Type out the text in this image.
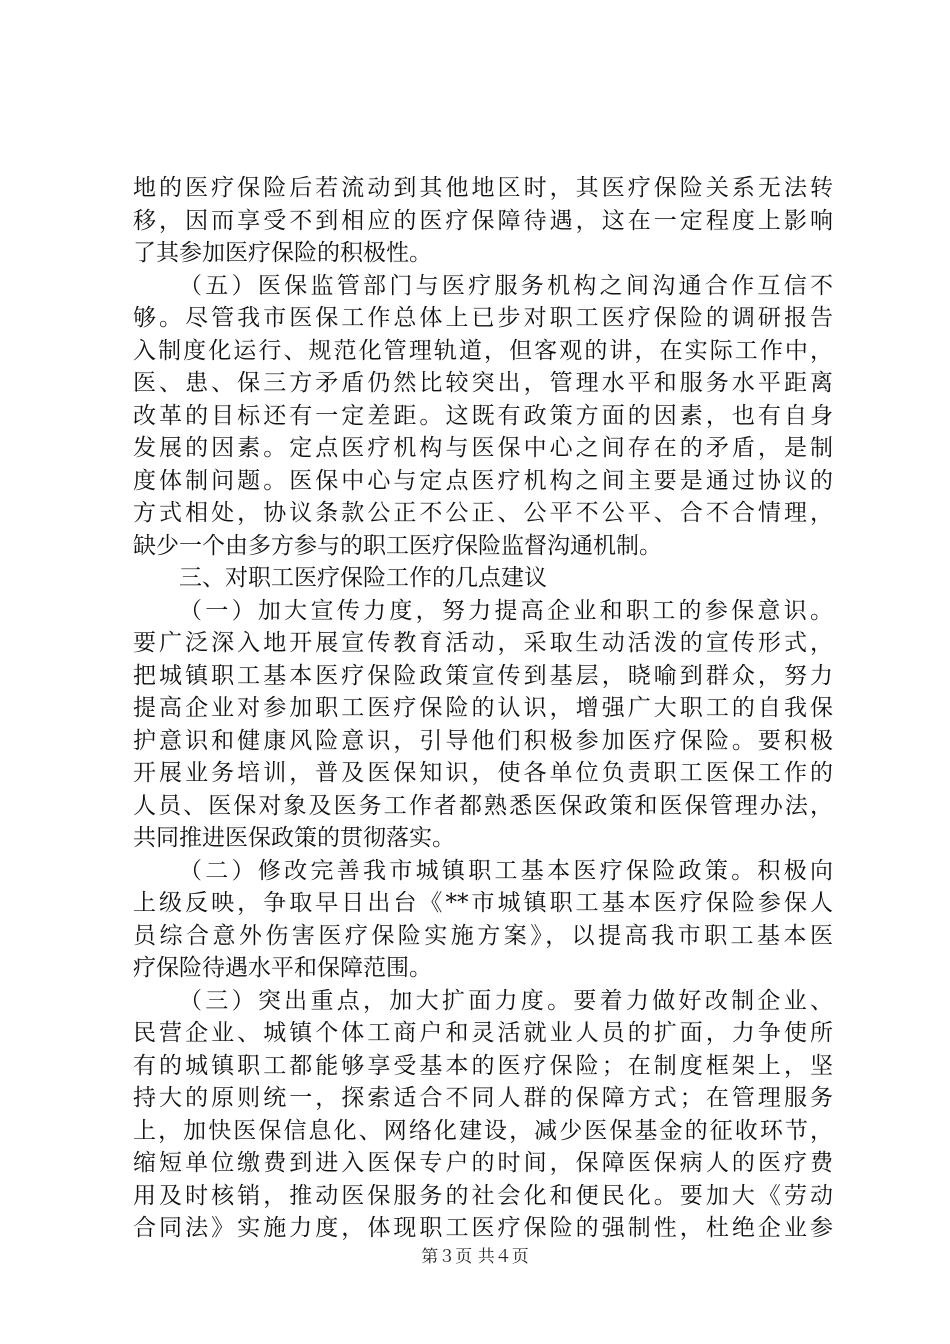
地的医疗保险后若流动到其他地区时，其医疗保险关系无法转
移，因而享受不到相应的医疗保障待遇，这在一定程度上影响
了其参加医疗保险的积极性。
（五）医保监管部门与医疗服务机构之间沟通合作互信不
够。尽管我市医保工作总体上已步对职工医疗保险的调研报告
入制度化运行、规范化管理轨道，但客观的讲，在实际工作中，
医、患、保三方矛盾仍然比较突出，管理水平和服务水平距离
改革的目标还有一定差距。这既有政策方面的因素，也有自身
发展的因素。定点医疗机构与医保中心之间存在的矛盾，是制
度体制问题。医保中心与定点医疗机构之间主要是通过协议的
方式相处，协议条款公正不公正、公平不公平、合不合情理，
缺少一个由多方参与的职工医疗保险监督沟通机制。
三、对职工医疗保险工作的几点建议
（一）加大宣传力度，努力提高企业和职工的参保意识。
要广泛深入地开展宣传教育活动，采取生动活泼的宣传形式，
把城镇职工基本医疗保险政策宣传到基层，晓喻到群众，努力
提高企业对参加职工医疗保险的认识，增强广大职工的自我保
护意识和健康风险意识，引导他们积极参加医疗保险。要积极
开展业务培训，普及医保知识，使各单位负责职工医保工作的
人员、医保对象及医务工作者都熟悉医保政策和医保管理办法，
共同推进医保政策的贯彻落实。
（二）修改完善我市城镇职工基本医疗保险政策。积极向
上级反映，争取早日出台《**市城镇职工基本医疗保险参保人
员综合意外伤害医疗保险实施方案》，以提高我市职工基本医
疗保险待遇水平和保障范围。
（三）突出重点，加大扩面力度。要着力做好改制企业、
民营企业、城镇个体工商户和灵活就业人员的扩面，力争使所
有的城镇职工都能够享受基本的医疗保险；在制度框架上，坚
持大的原则统一，探索适合不同人群的保障方式；在管理服务
上，加快医保信息化、网络化建设，减少医保基金的征收环节，
缩短单位缴费到进入医保专户的时间，保障医保病人的医疗费
用及时核销，推动医保服务的社会化和便民化。要加大《劳动
合同法》实施力度，体现职工医疗保险的强制性，杜绝企业参
第３页 共４页
